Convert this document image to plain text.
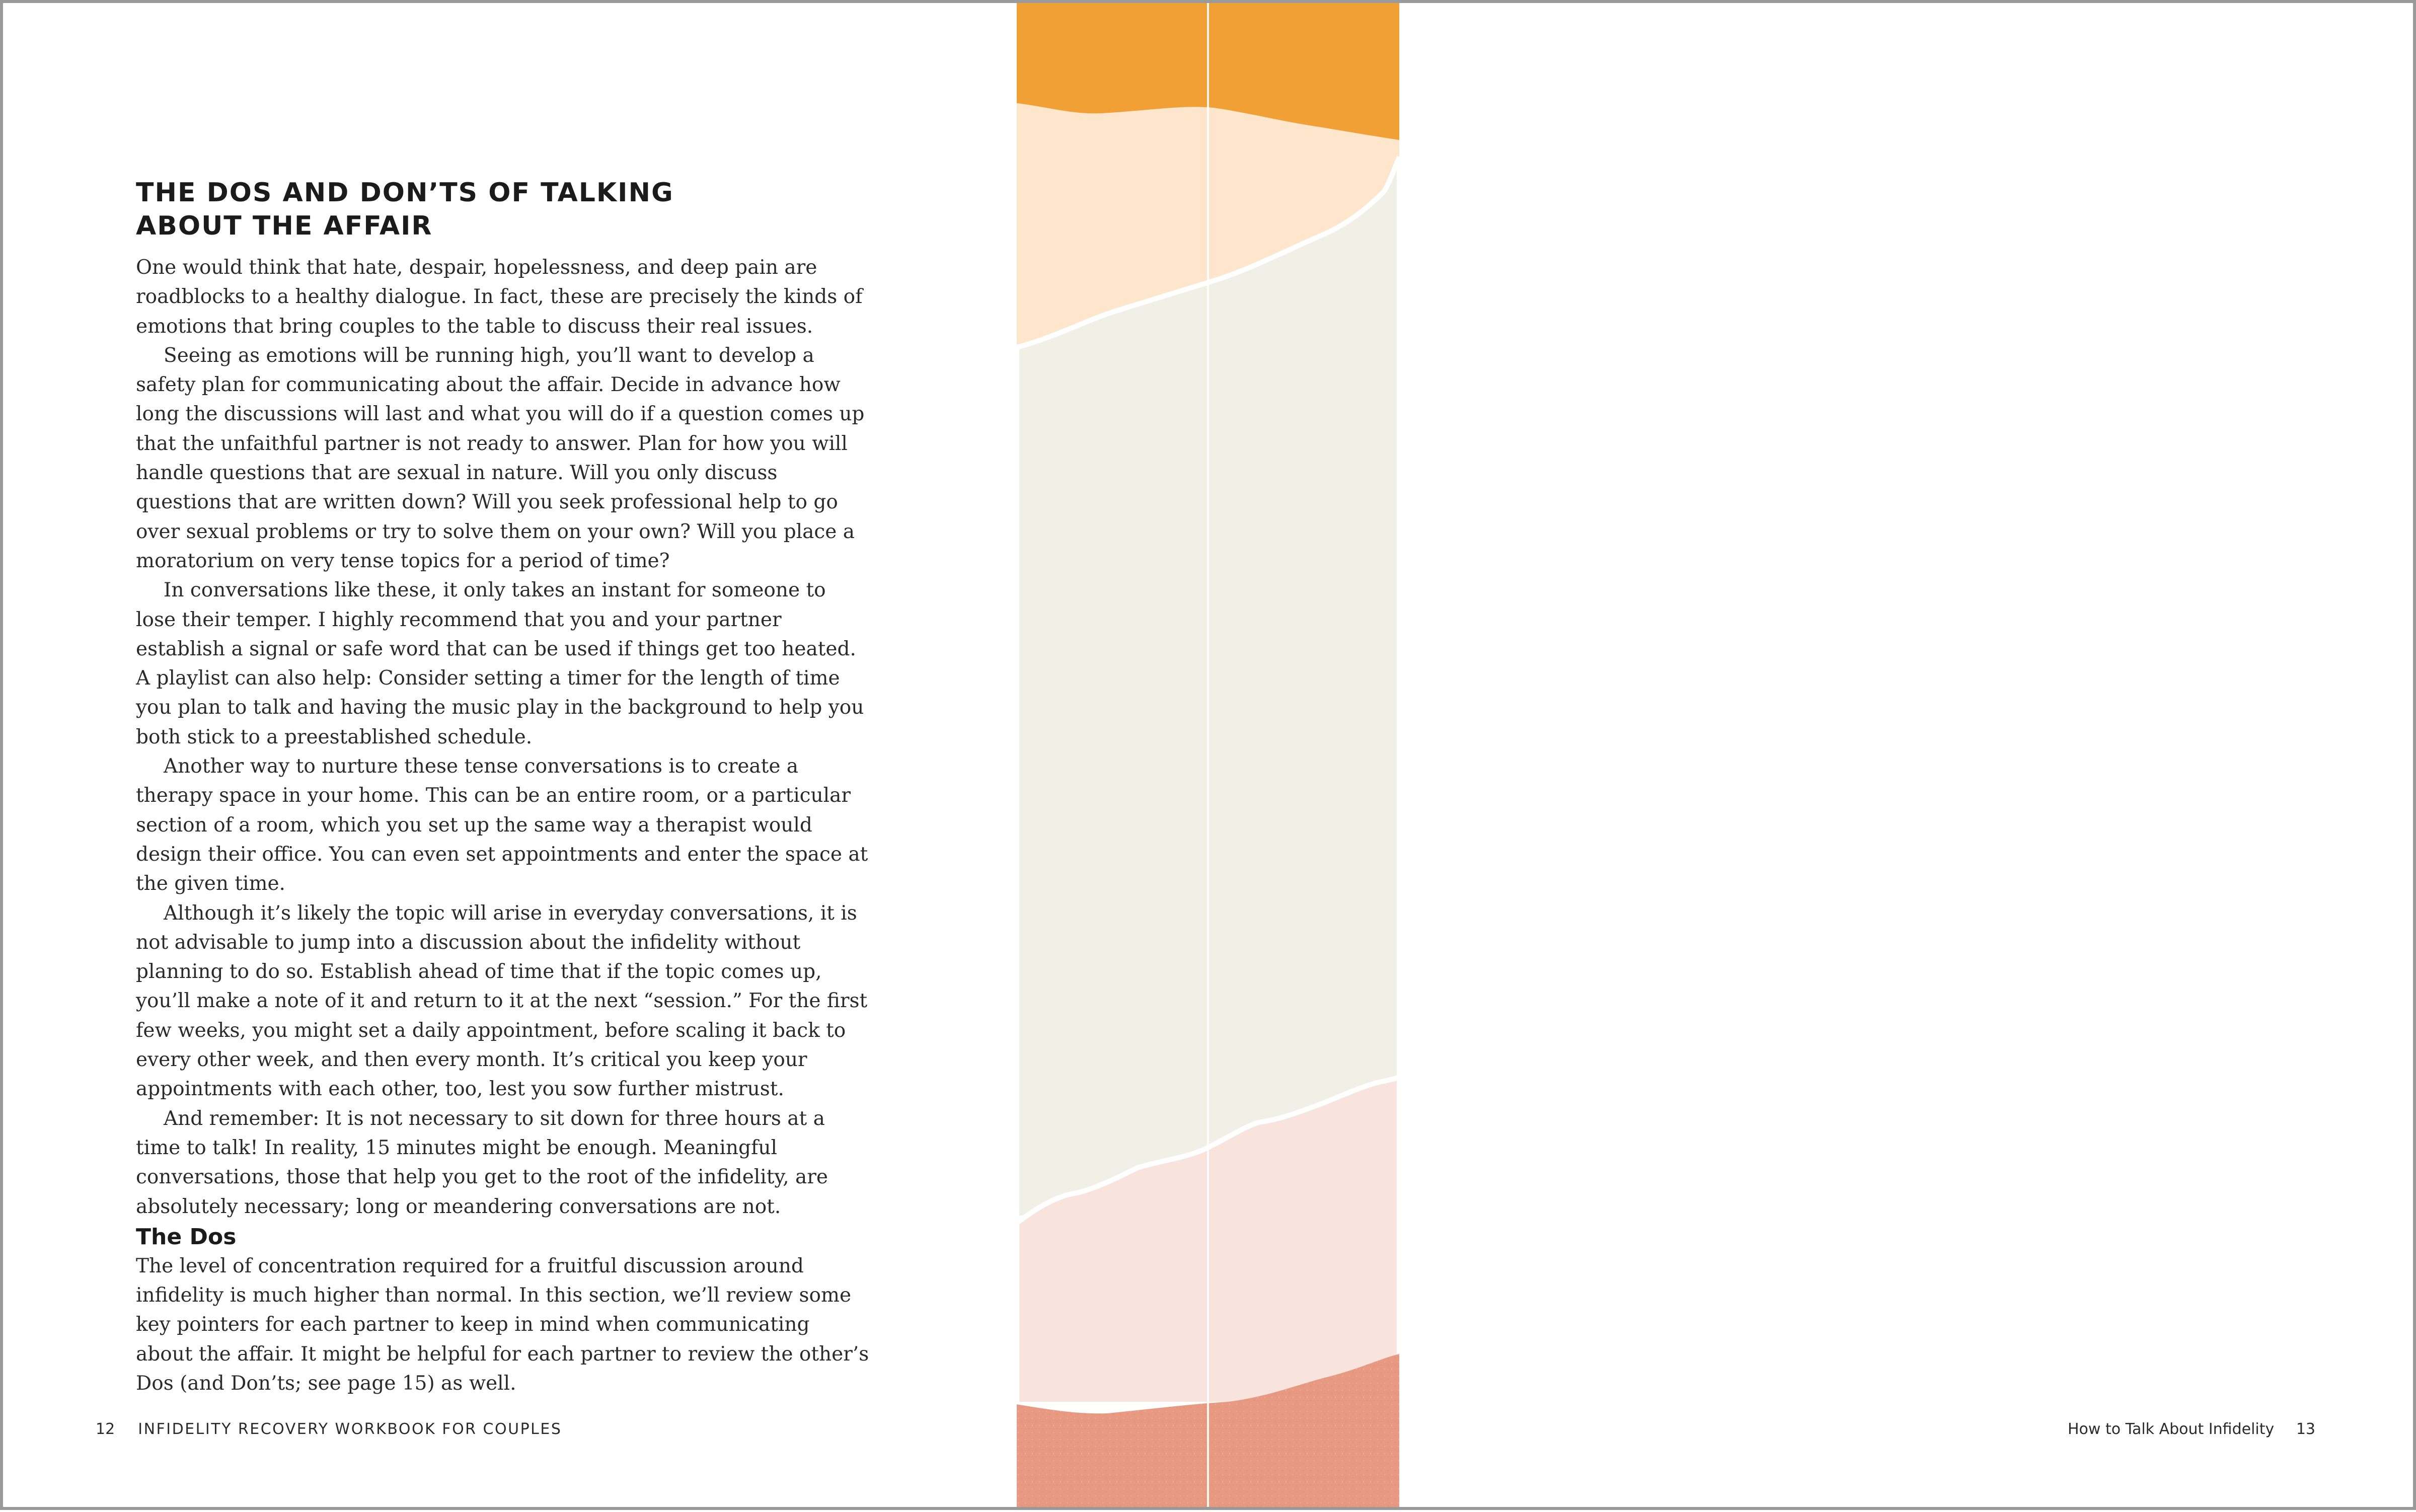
THE DOS AND DON’TS OF TALKING
ABOUT THE AFFAIR

One would think that hate, despair, hopelessness, and deep pain are roadblocks to a healthy dialogue. In fact, these are precisely the kinds of emotions that bring couples to the table to discuss their real issues.

Seeing as emotions will be running high, you’ll want to develop a safety plan for communicating about the affair. Decide in advance how long the discussions will last and what you will do if a question comes up that the unfaithful partner is not ready to answer. Plan for how you will handle questions that are sexual in nature. Will you only discuss questions that are written down? Will you seek professional help to go over sexual problems or try to solve them on your own? Will you place a moratorium on very tense topics for a period of time?

In conversations like these, it only takes an instant for someone to lose their temper. I highly recommend that you and your partner establish a signal or safe word that can be used if things get too heated. A playlist can also help: Consider setting a timer for the length of time you plan to talk and having the music play in the background to help you both stick to a preestablished schedule.

Another way to nurture these tense conversations is to create a therapy space in your home. This can be an entire room, or a particular section of a room, which you set up the same way a therapist would design their office. You can even set appointments and enter the space at the given time.

Although it’s likely the topic will arise in everyday conversations, it is not advisable to jump into a discussion about the infidelity without planning to do so. Establish ahead of time that if the topic comes up, you’ll make a note of it and return to it at the next “session.” For the first few weeks, you might set a daily appointment, before scaling it back to every other week, and then every month. It’s critical you keep your appointments with each other, too, lest you sow further mistrust.

And remember: It is not necessary to sit down for three hours at a time to talk! In reality, 15 minutes might be enough. Meaningful conversations, those that help you get to the root of the infidelity, are absolutely necessary; long or meandering conversations are not.

The Dos

The level of concentration required for a fruitful discussion around infidelity is much higher than normal. In this section, we’ll review some key pointers for each partner to keep in mind when communicating about the affair. It might be helpful for each partner to review the other’s Dos (and Don’ts; see page 15) as well.

12 INFIDELITY RECOVERY WORKBOOK FOR COUPLES	How to Talk About Infidelity 13
